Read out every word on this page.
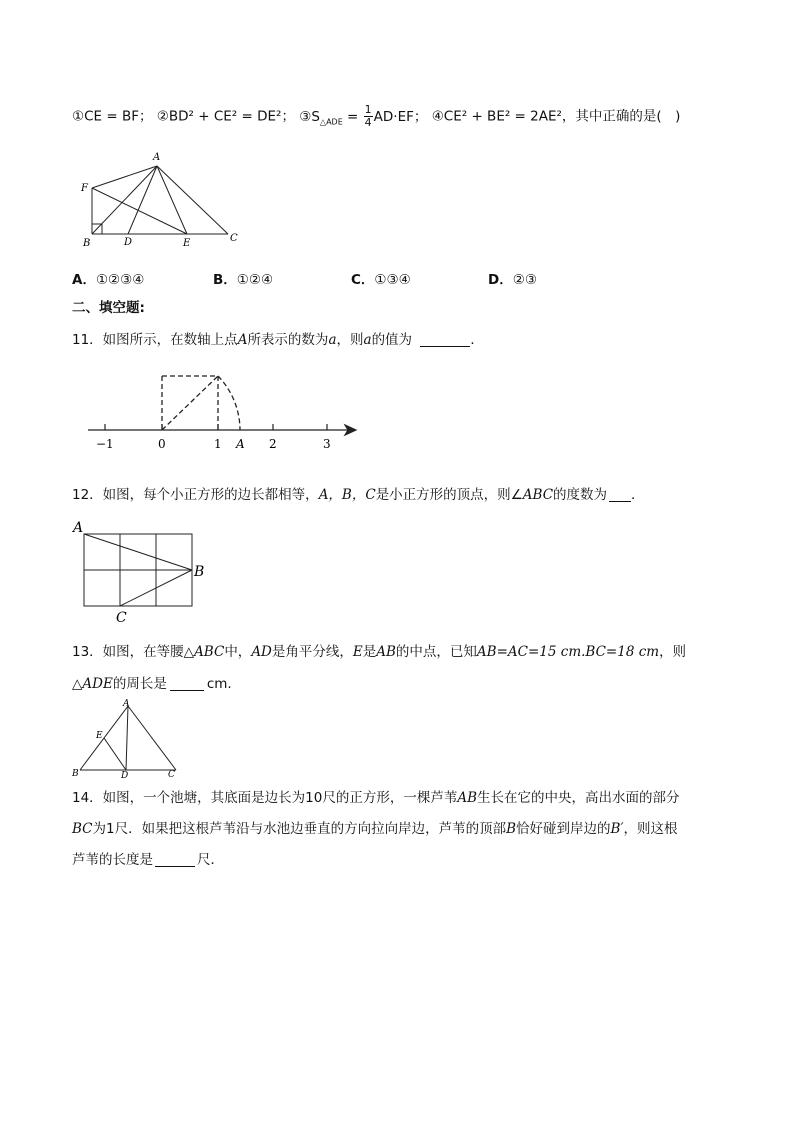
①CE = BF； ②BD² + CE² = DE²； $③S_{\triangle ADE} = \frac{1}{4} AD\cdot EF$； ④CE² + BE² = 2AE²，其中正确的是(　)
A
F
B	D	E	C
A．①②③④	B．①②④	C．①③④	D．②③
二、填空题:
11．如图所示，在数轴上点A所表示的数为a，则a的值为	．
−1	0	1 A 2	3
12．如图，每个小正方形的边长都相等，A，B，C是小正方形的顶点，则∠ABC的度数为 ．
A
B
C
13．如图，在等腰△ABC中，AD是角平分线，E是AB的中点，已知AB=AC=15 cm.BC=18 cm，则
△ADE的周长是	cm.
A
E
B	D	C
14．如图，一个池塘，其底面是边长为10尺的正方形，一棵芦苇AB生长在它的中央，高出水面的部分
BC为1尺．如果把这根芦苇沿与水池边垂直的方向拉向岸边，芦苇的顶部B恰好碰到岸边的B′，则这根
芦苇的长度是	尺．
